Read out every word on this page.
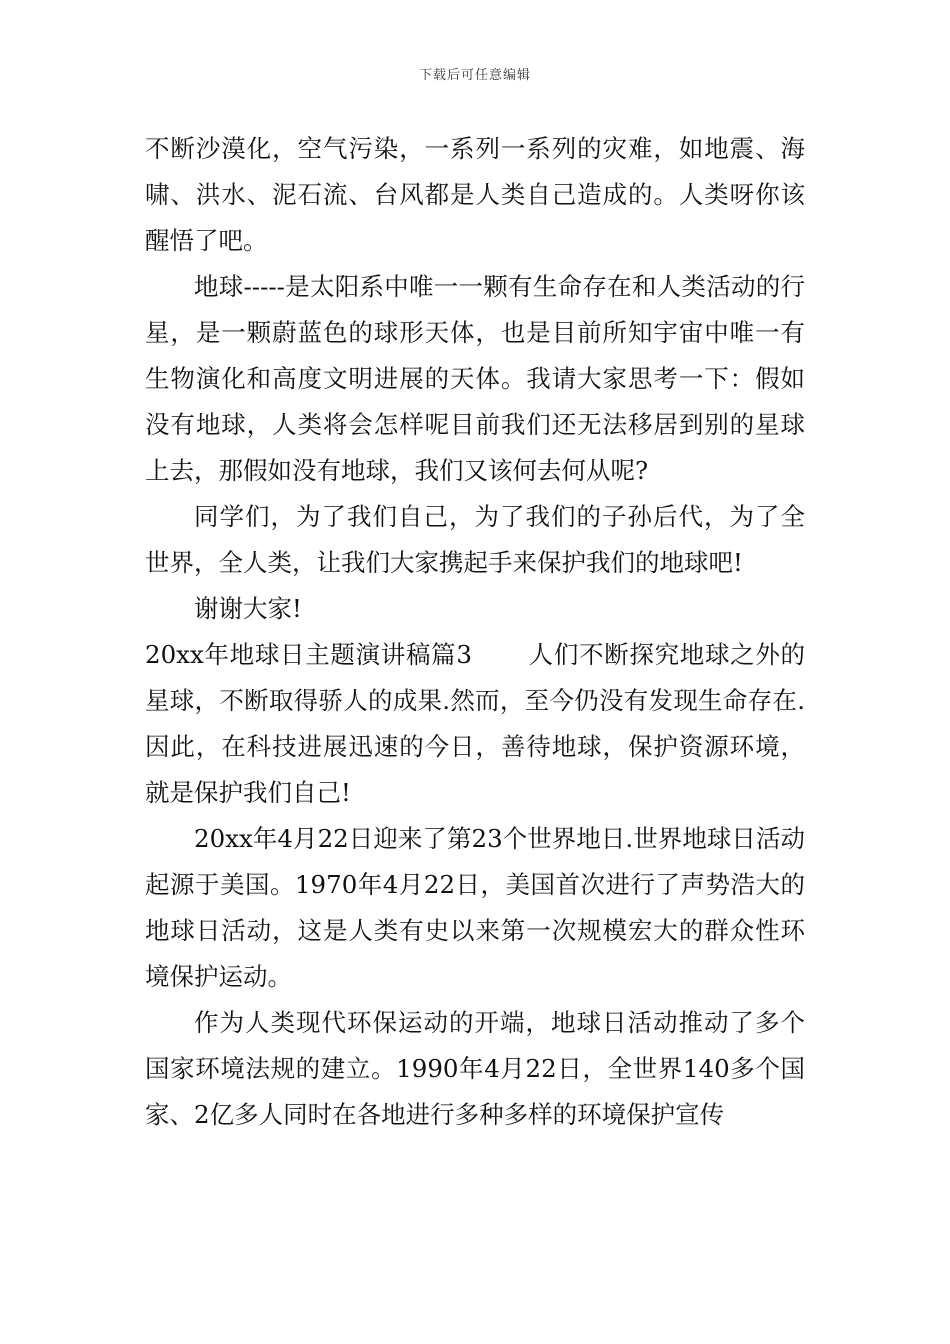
下载后可任意编辑

不断沙漠化，空气污染，一系列一系列的灾难，如地震、海啸、洪水、泥石流、台风都是人类自己造成的。人类呀你该醒悟了吧。

地球-----是太阳系中唯一一颗有生命存在和人类活动的行星，是一颗蔚蓝色的球形天体，也是目前所知宇宙中唯一有生物演化和高度文明进展的天体。我请大家思考一下：假如没有地球，人类将会怎样呢目前我们还无法移居到别的星球上去，那假如没有地球，我们又该何去何从呢?

同学们，为了我们自己，为了我们的子孙后代，为了全世界，全人类，让我们大家携起手来保护我们的地球吧!

谢谢大家!

20xx年地球日主题演讲稿篇3 人们不断探究地球之外的星球，不断取得骄人的成果.然而，至今仍没有发现生命存在.因此，在科技进展迅速的今日，善待地球，保护资源环境，就是保护我们自己!

20xx年4月22日迎来了第23个世界地日.世界地球日活动起源于美国。1970年4月22日，美国首次进行了声势浩大的地球日活动，这是人类有史以来第一次规模宏大的群众性环境保护运动。

作为人类现代环保运动的开端，地球日活动推动了多个国家环境法规的建立。1990年4月22日，全世界140多个国家、2亿多人同时在各地进行多种多样的环境保护宣传
